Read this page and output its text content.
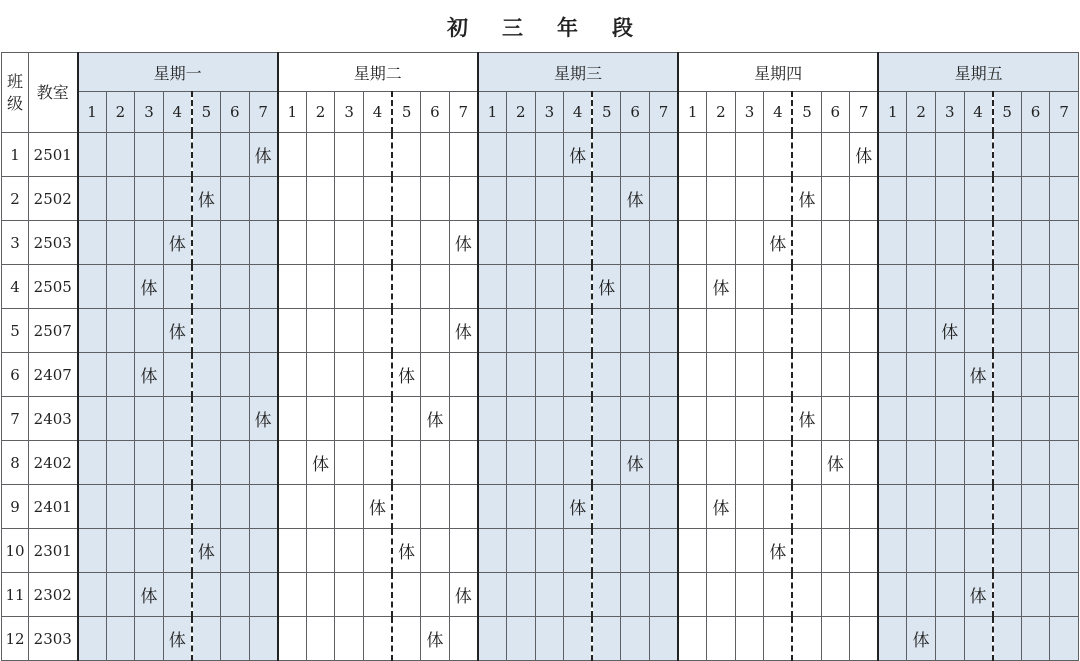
初 三 年 段
班级	教室	星期一							星期二							星期三							星期四							星期五						
		1	2	3	4	5	6	7	1	2	3	4	5	6	7	1	2	3	4	5	6	7	1	2	3	4	5	6	7	1	2	3	4	5	6	7
1	2501							体											体										体							
2	2502					体															体						体									
3	2503				体										体											体										
4	2505			体																体				体												
5	2507				体										体																	体				
6	2407			体									体																				体			
7	2403							体						体													体									
8	2402									体											体							体								
9	2401											体							体					体												
10	2301					体							体													体										
11	2302			体											体																		体			
12	2303				体									体																	体					
